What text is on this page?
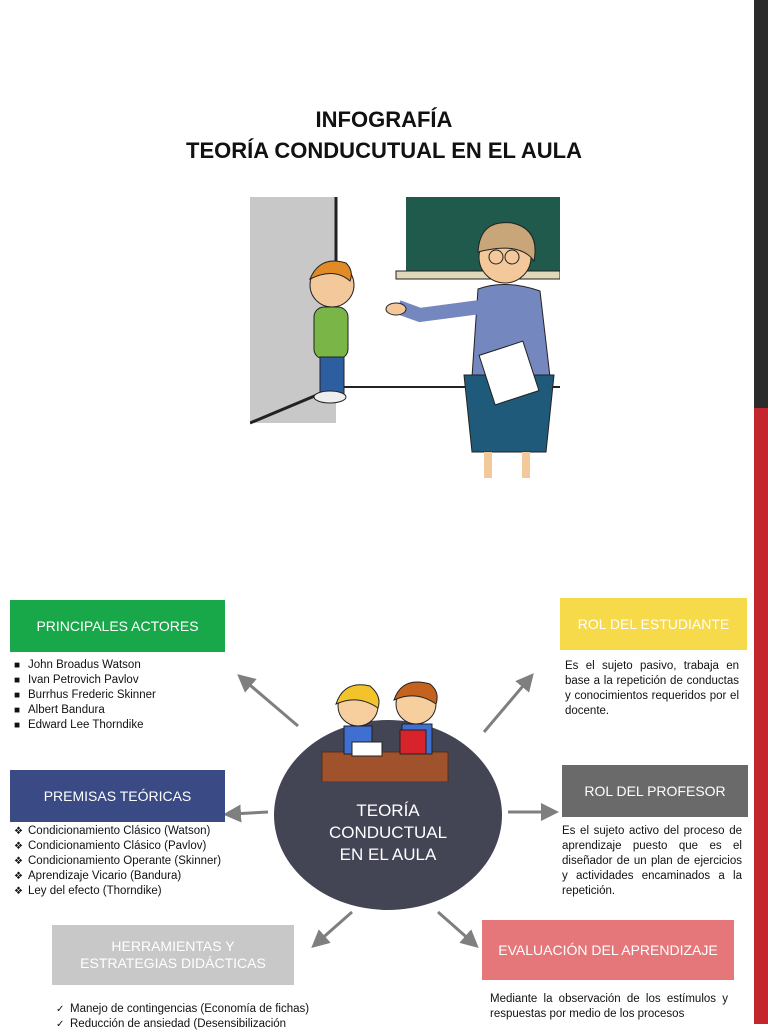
INFOGRAFÍA
TEORÍA CONDUCUTUAL EN EL AULA
TEORÍA
CONDUCTUAL
EN EL AULA
PRINCIPALES ACTORES
■ John Broadus Watson
■ Ivan Petrovich Pavlov
■ Burrhus Frederic Skinner
■ Albert Bandura
■ Edward Lee Thorndike
PREMISAS TEÓRICAS
❖ Condicionamiento Clásico (Watson)
❖ Condicionamiento Clásico (Pavlov)
❖ Condicionamiento Operante (Skinner)
❖ Aprendizaje Vicario (Bandura)
❖ Ley del efecto (Thorndike)
HERRAMIENTAS Y
ESTRATEGIAS DIDÁCTICAS
✓ Manejo de contingencias (Economía de fichas)
✓ Reducción de ansiedad (Desensibilización
ROL DEL ESTUDIANTE
Es el sujeto pasivo, trabaja en base a la repetición de conductas y conocimientos requeridos por el docente.
ROL DEL PROFESOR
Es el sujeto activo del proceso de aprendizaje puesto que es el diseñador de un plan de ejercicios y actividades encaminados a la repetición.
EVALUACIÓN DEL APRENDIZAJE
Mediante la observación de los estímulos y respuestas por medio de los procesos
